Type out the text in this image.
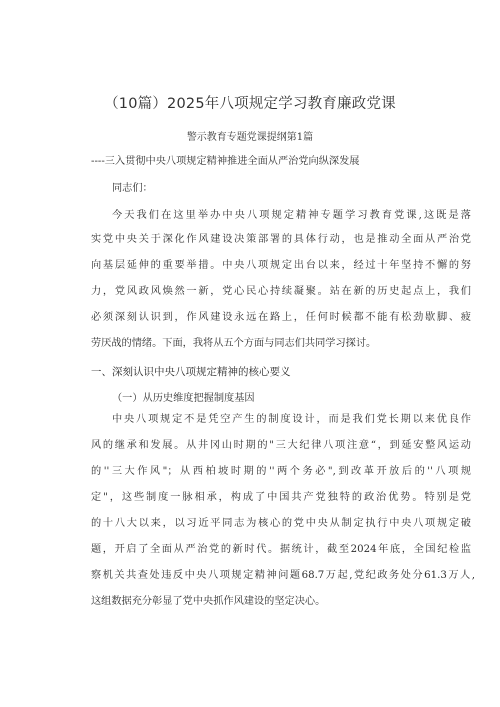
（10篇）2025年八项规定学习教育廉政党课
警示教育专题党课提纲第1篇
----三入贯彻中央八项规定精神推进全面从严治党向纵深发展
同志们：
今天我们在这里举办中央八项规定精神专题学习教育党课,这既是落
实党中央关于深化作风建设决策部署的具体行动，也是推动全面从严治党
向基层延伸的重要举措。中央八项规定出台以来，经过十年坚持不懈的努
力，党风政风焕然一新，党心民心持续凝聚。站在新的历史起点上，我们
必须深刻认识到，作风建设永远在路上，任何时候都不能有松劲歇脚、疲
劳厌战的情绪。下面，我将从五个方面与同志们共同学习探讨。
一、深刻认识中央八项规定精神的核心要义
（一）从历史维度把握制度基因
中央八项规定不是凭空产生的制度设计，而是我们党长期以来优良作
风的继承和发展。从井冈山时期的"三大纪律八项注意“，到延安整风运动
的''三大作风"；从西柏坡时期的''两个务必",到改革开放后的''八项规
定"，这些制度一脉相承，构成了中国共产党独特的政治优势。特别是党
的十八大以来，以习近平同志为核心的党中央从制定执行中央八项规定破
题，开启了全面从严治党的新时代。据统计，截至2024年底，全国纪检监
察机关共查处违反中央八项规定精神问题68.7万起,党纪政务处分61.3万人,
这组数据充分彰显了党中央抓作风建设的坚定决心。
